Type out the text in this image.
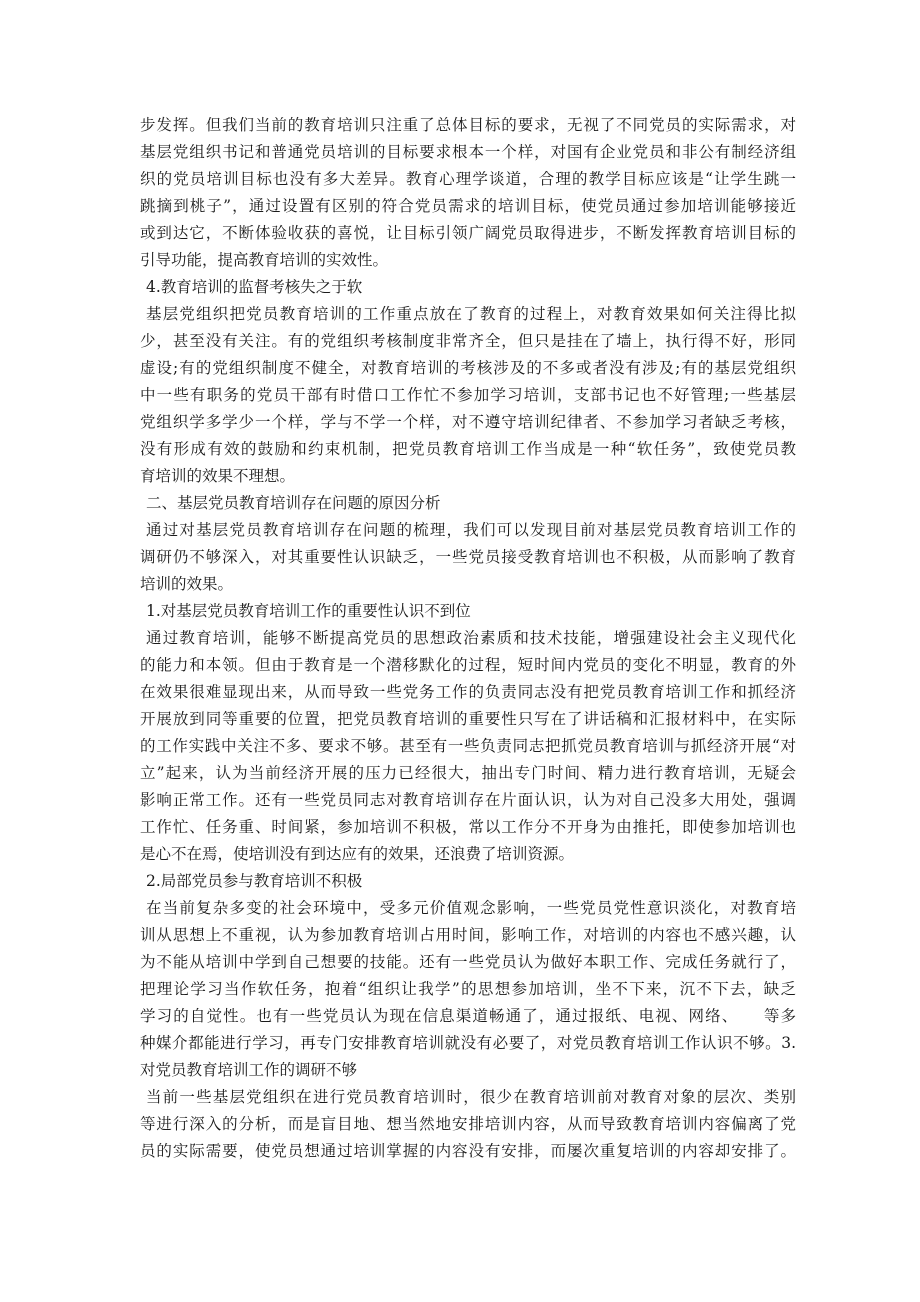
步发挥。但我们当前的教育培训只注重了总体目标的要求，无视了不同党员的实际需求，对
基层党组织书记和普通党员培训的目标要求根本一个样，对国有企业党员和非公有制经济组
织的党员培训目标也没有多大差异。教育心理学谈道，合理的教学目标应该是“让学生跳一
跳摘到桃子”，通过设置有区别的符合党员需求的培训目标，使党员通过参加培训能够接近
或到达它，不断体验收获的喜悦，让目标引领广阔党员取得进步，不断发挥教育培训目标的
引导功能，提高教育培训的实效性。
4.教育培训的监督考核失之于软
基层党组织把党员教育培训的工作重点放在了教育的过程上，对教育效果如何关注得比拟
少，甚至没有关注。有的党组织考核制度非常齐全，但只是挂在了墙上，执行得不好，形同
虚设;有的党组织制度不健全，对教育培训的考核涉及的不多或者没有涉及;有的基层党组织
中一些有职务的党员干部有时借口工作忙不参加学习培训，支部书记也不好管理;一些基层
党组织学多学少一个样，学与不学一个样，对不遵守培训纪律者、不参加学习者缺乏考核，
没有形成有效的鼓励和约束机制，把党员教育培训工作当成是一种“软任务”，致使党员教
育培训的效果不理想。
二、基层党员教育培训存在问题的原因分析
通过对基层党员教育培训存在问题的梳理，我们可以发现目前对基层党员教育培训工作的
调研仍不够深入，对其重要性认识缺乏，一些党员接受教育培训也不积极，从而影响了教育
培训的效果。
1.对基层党员教育培训工作的重要性认识不到位
通过教育培训，能够不断提高党员的思想政治素质和技术技能，增强建设社会主义现代化
的能力和本领。但由于教育是一个潜移默化的过程，短时间内党员的变化不明显，教育的外
在效果很难显现出来，从而导致一些党务工作的负责同志没有把党员教育培训工作和抓经济
开展放到同等重要的位置，把党员教育培训的重要性只写在了讲话稿和汇报材料中，在实际
的工作实践中关注不多、要求不够。甚至有一些负责同志把抓党员教育培训与抓经济开展“对
立”起来，认为当前经济开展的压力已经很大，抽出专门时间、精力进行教育培训，无疑会
影响正常工作。还有一些党员同志对教育培训存在片面认识，认为对自己没多大用处，强调
工作忙、任务重、时间紧，参加培训不积极，常以工作分不开身为由推托，即使参加培训也
是心不在焉，使培训没有到达应有的效果，还浪费了培训资源。
2.局部党员参与教育培训不积极
在当前复杂多变的社会环境中，受多元价值观念影响，一些党员党性意识淡化，对教育培
训从思想上不重视，认为参加教育培训占用时间，影响工作，对培训的内容也不感兴趣，认
为不能从培训中学到自己想要的技能。还有一些党员认为做好本职工作、完成任务就行了，
把理论学习当作软任务，抱着“组织让我学”的思想参加培训，坐不下来，沉不下去，缺乏
学习的自觉性。也有一些党员认为现在信息渠道畅通了，通过报纸、电视、网络、　　等多
种媒介都能进行学习，再专门安排教育培训就没有必要了，对党员教育培训工作认识不够。3.
对党员教育培训工作的调研不够
当前一些基层党组织在进行党员教育培训时，很少在教育培训前对教育对象的层次、类别
等进行深入的分析，而是盲目地、想当然地安排培训内容，从而导致教育培训内容偏离了党
员的实际需要，使党员想通过培训掌握的内容没有安排，而屡次重复培训的内容却安排了。
